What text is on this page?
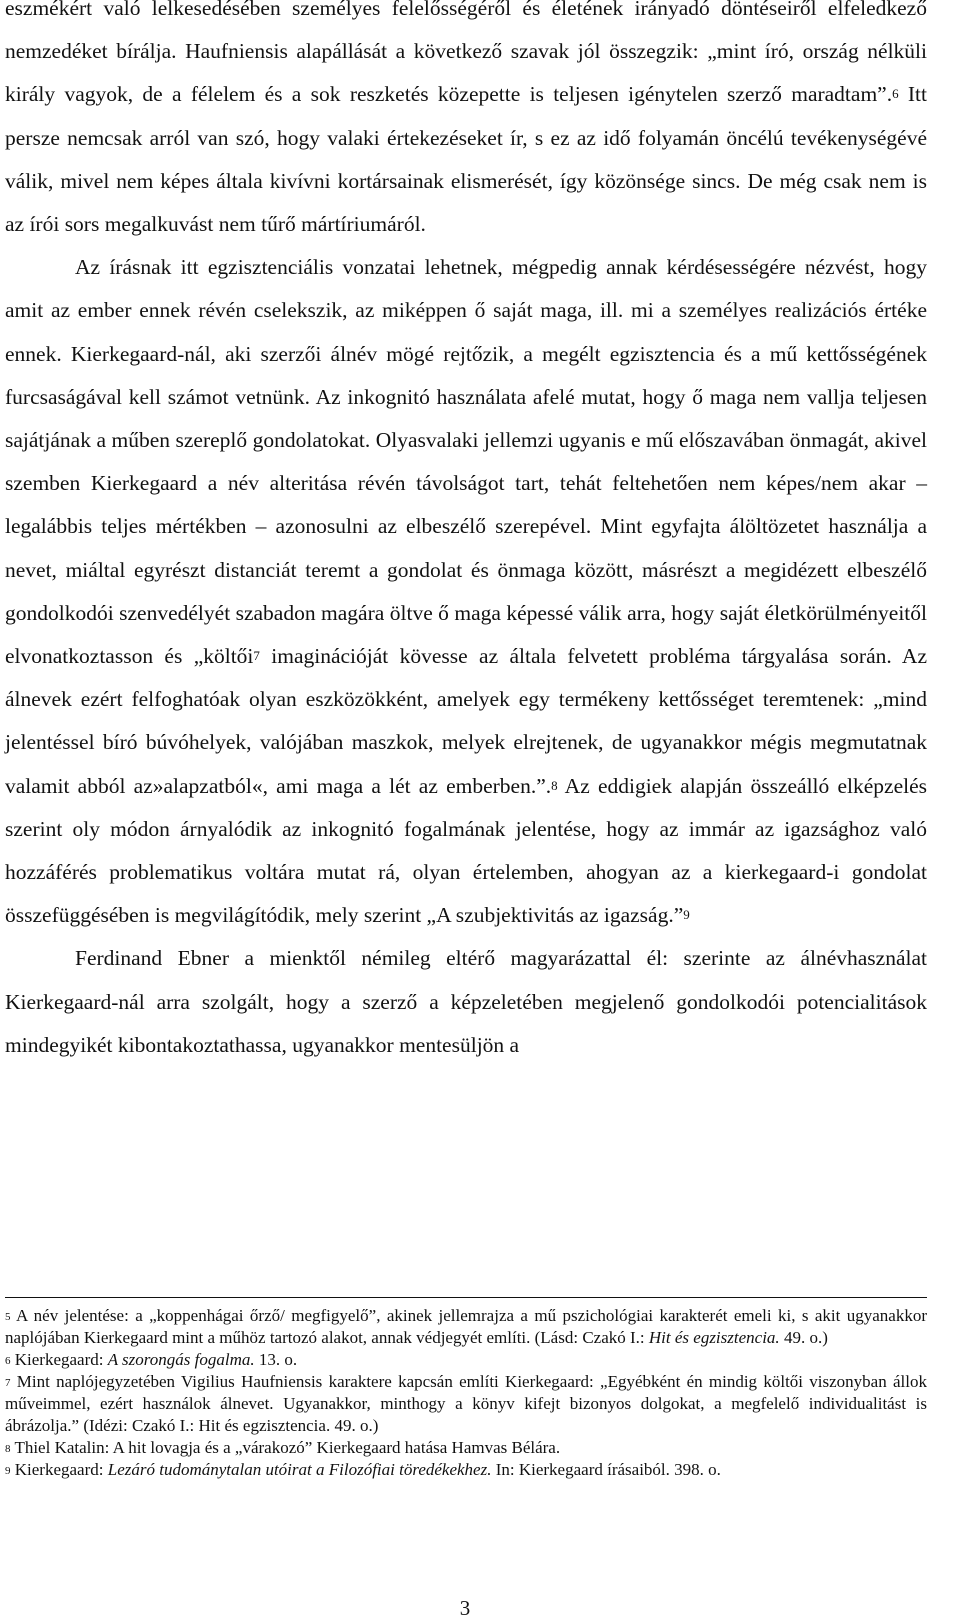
eszmékért való lelkesedésében személyes felelősségéről és életének irányadó döntéseiről elfeledkező nemzedéket bírálja. Haufniensis alapállását a következő szavak jól összegzik: „mint író, ország nélküli király vagyok, de a félelem és a sok reszketés közepette is teljesen igénytelen szerző maradtam”.$^6$ Itt persze nemcsak arról van szó, hogy valaki értekezéseket ír, s ez az idő folyamán öncélú tevékenységévé válik, mivel nem képes általa kivívni kortársainak elismerését, így közönsége sincs. De még csak nem is az írói sors megalkuvást nem tűrő mártíriumáról.

Az írásnak itt egzisztenciális vonzatai lehetnek, mégpedig annak kérdésességére nézvést, hogy amit az ember ennek révén cselekszik, az miképpen ő saját maga, ill. mi a személyes realizációs értéke ennek. Kierkegaard-nál, aki szerzői álnév mögé rejtőzik, a megélt egzisztencia és a mű kettősségének furcsaságával kell számot vetnünk. Az inkognitó használata afelé mutat, hogy ő maga nem vallja teljesen sajátjának a műben szereplő gondolatokat. Olyasvalaki jellemzi ugyanis e mű előszavában önmagát, akivel szemben Kierkegaard a név alteritása révén távolságot tart, tehát feltehetően nem képes/nem akar – legalábbis teljes mértékben – azonosulni az elbeszélő szerepével. Mint egyfajta álöltözetet használja a nevet, miáltal egyrészt distanciát teremt a gondolat és önmaga között, másrészt a megidézett elbeszélő gondolkodói szenvedélyét szabadon magára öltve ő maga képessé válik arra, hogy saját életkörülményeitől elvonatkoztasson és „költői$^7$ imaginációját kövesse az általa felvetett probléma tárgyalása során. Az álnevek ezért felfoghatóak olyan eszközökként, amelyek egy termékeny kettősséget teremtenek: „mind jelentéssel bíró búvóhelyek, valójában maszkok, melyek elrejtenek, de ugyanakkor mégis megmutatnak valamit abból az»alapzatból«, ami maga a lét az emberben.”.$^8$ Az eddigiek alapján összeálló elképzelés szerint oly módon árnyalódik az inkognitó fogalmának jelentése, hogy az immár az igazsághoz való hozzáférés problematikus voltára mutat rá, olyan értelemben, ahogyan az a kierkegaard-i gondolat összefüggésében is megvilágítódik, mely szerint „A szubjektivitás az igazság.”$^9$

Ferdinand Ebner a mienktől némileg eltérő magyarázattal él: szerinte az álnévhasználat Kierkegaard-nál arra szolgált, hogy a szerző a képzeletében megjelenő gondolkodói potencialitások mindegyikét kibontakoztathassa, ugyanakkor mentesüljön a

$^5$ A név jelentése: a „koppenhágai őrző/ megfigyelő”, akinek jellemrajza a mű pszichológiai karakterét emeli ki, s akit ugyanakkor naplójában Kierkegaard mint a műhöz tartozó alakot, annak védjegyét említi. (Lásd: Czakó I.: Hit és egzisztencia. 49. o.)

$^6$ Kierkegaard: A szorongás fogalma. 13. o.

$^7$ Mint naplójegyzetében Vigilius Haufniensis karaktere kapcsán említi Kierkegaard: „Egyébként én mindig költői viszonyban állok műveimmel, ezért használok álnevet. Ugyanakkor, minthogy a könyv kifejt bizonyos dolgokat, a megfelelő individualitást is ábrázolja.” (Idézi: Czakó I.: Hit és egzisztencia. 49. o.)

$^8$ Thiel Katalin: A hit lovagja és a „várakozó” Kierkegaard hatása Hamvas Bélára.

$^9$ Kierkegaard: Lezáró tudománytalan utóirat a Filozófiai töredékekhez. In: Kierkegaard írásaiból. 398. o.

3
